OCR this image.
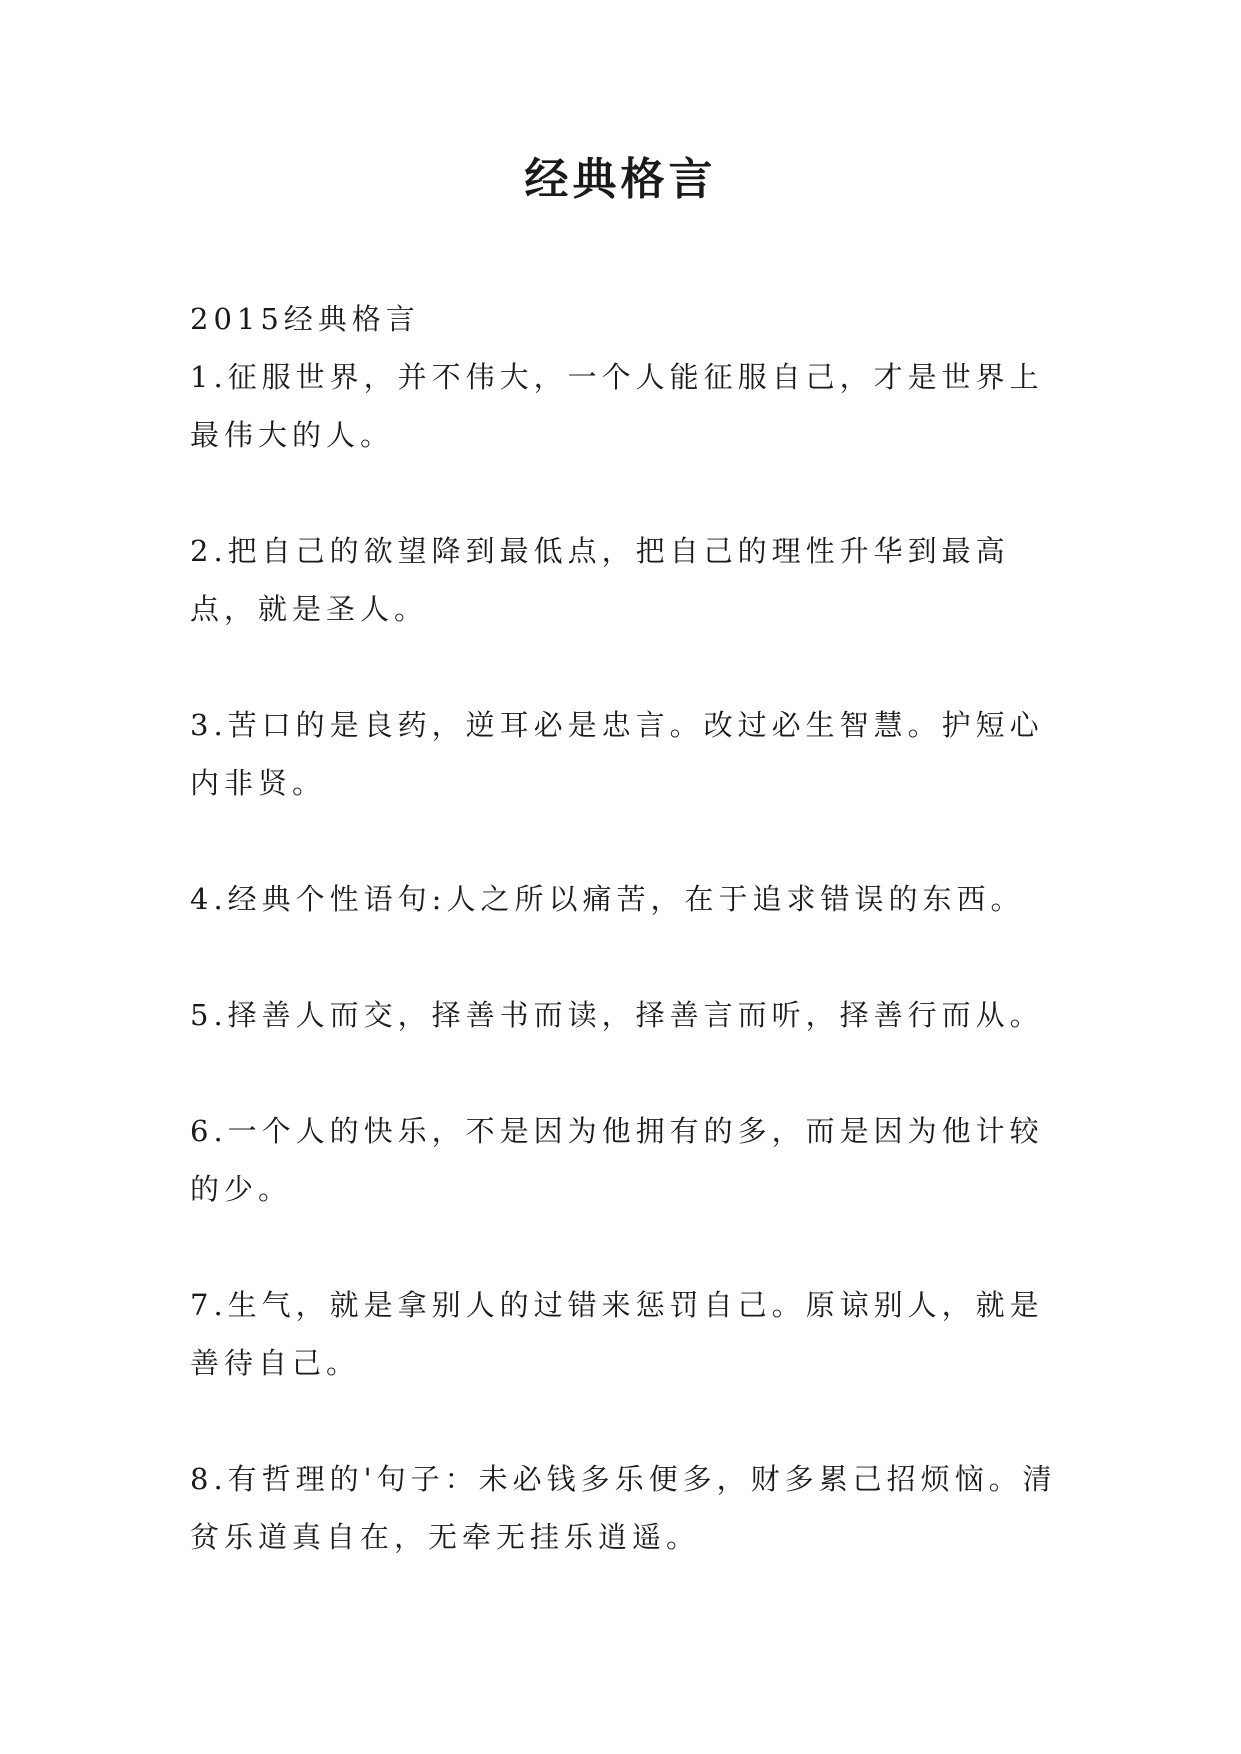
经典格言

2015经典格言

1.征服世界，并不伟大，一个人能征服自己，才是世界上最伟大的人。

2.把自己的欲望降到最低点，把自己的理性升华到最高点，就是圣人。

3.苦口的是良药，逆耳必是忠言。改过必生智慧。护短心内非贤。

4.经典个性语句:人之所以痛苦，在于追求错误的东西。

5.择善人而交，择善书而读，择善言而听，择善行而从。

6.一个人的快乐，不是因为他拥有的多，而是因为他计较的少。

7.生气，就是拿别人的过错来惩罚自己。原谅别人，就是善待自己。

8.有哲理的'句子：未必钱多乐便多，财多累己招烦恼。清贫乐道真自在，无牵无挂乐逍遥。
